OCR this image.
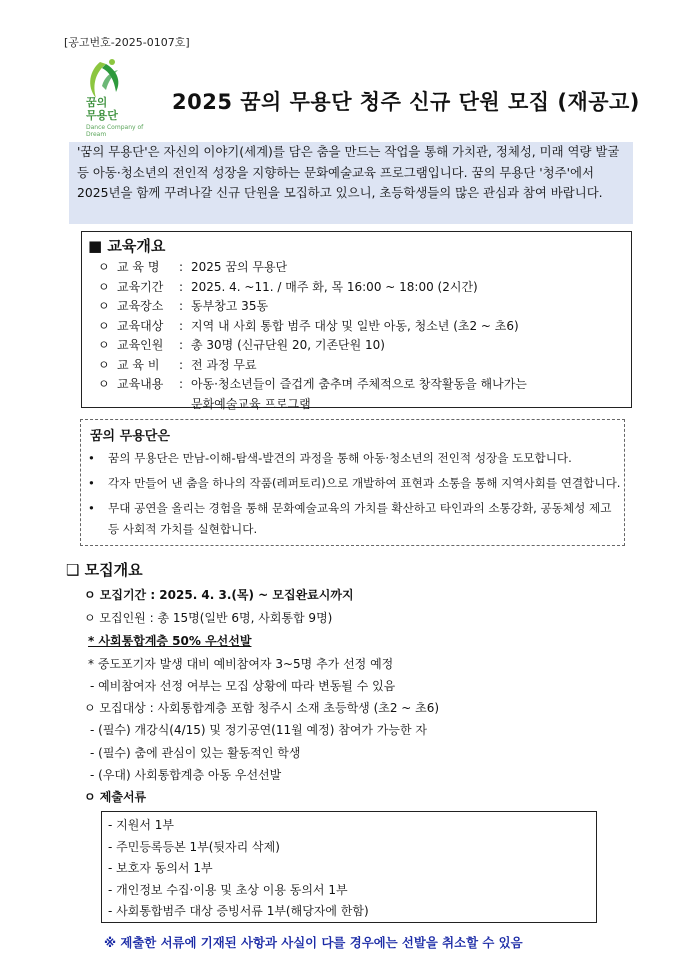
[공고번호-2025-0107호]
꿈의
무용단
Dance Company of Dream
2025 꿈의 무용단 청주 신규 단원 모집 (재공고)
'꿈의 무용단'은 자신의 이야기(세계)를 담은 춤을 만드는 작업을 통해 가치관, 정체성, 미래 역량 발굴 등 아동·청소년의 전인적 성장을 지향하는 문화예술교육 프로그램입니다. 꿈의 무용단 '청주'에서 2025년을 함께 꾸려나갈 신규 단원을 모집하고 있으니, 초등학생들의 많은 관심과 참여 바랍니다.
■ 교육개요
ㅇ 교 육 명	: 2025 꿈의 무용단
ㅇ 교육기간	: 2025. 4. ~11. / 매주 화, 목 16:00 ~ 18:00 (2시간)
ㅇ 교육장소	: 동부창고 35동
ㅇ 교육대상	: 지역 내 사회 통합 범주 대상 및 일반 아동, 청소년 (초2 ~ 초6)
ㅇ 교육인원	: 총 30명 (신규단원 20, 기존단원 10)
ㅇ 교 육 비	: 전 과정 무료
ㅇ 교육내용	: 아동·청소년들이 즐겁게 춤추며 주체적으로 창작활동을 해나가는
문화예술교육 프로그램
꿈의 무용단은
•	꿈의 무용단은 만남-이해-탐색-발견의 과정을 통해 아동·청소년의 전인적 성장을 도모합니다.
•	각자 만들어 낸 춤을 하나의 작품(레퍼토리)으로 개발하여 표현과 소통을 통해 지역사회를 연결합니다.
•	무대 공연을 올리는 경험을 통해 문화예술교육의 가치를 확산하고 타인과의 소통강화, 공동체성 제고 등 사회적 가치를 실현합니다.
❑ 모집개요
ㅇ 모집기간 : 2025. 4. 3.(목) ~ 모집완료시까지
ㅇ 모집인원 : 총 15명(일반 6명, 사회통합 9명)
* 사회통합계층 50% 우선선발
* 중도포기자 발생 대비 예비참여자 3~5명 추가 선정 예정
- 예비참여자 선정 여부는 모집 상황에 따라 변동될 수 있음
ㅇ 모집대상 : 사회통합계층 포함 청주시 소재 초등학생 (초2 ~ 초6)
- (필수) 개강식(4/15) 및 정기공연(11월 예정) 참여가 가능한 자
- (필수) 춤에 관심이 있는 활동적인 학생
- (우대) 사회통합계층 아동 우선선발
ㅇ 제출서류
- 지원서 1부
- 주민등록등본 1부(뒷자리 삭제)
- 보호자 동의서 1부
- 개인정보 수집·이용 및 초상 이용 동의서 1부
- 사회통합범주 대상 증빙서류 1부(해당자에 한함)
※ 제출한 서류에 기재된 사항과 사실이 다를 경우에는 선발을 취소할 수 있음
